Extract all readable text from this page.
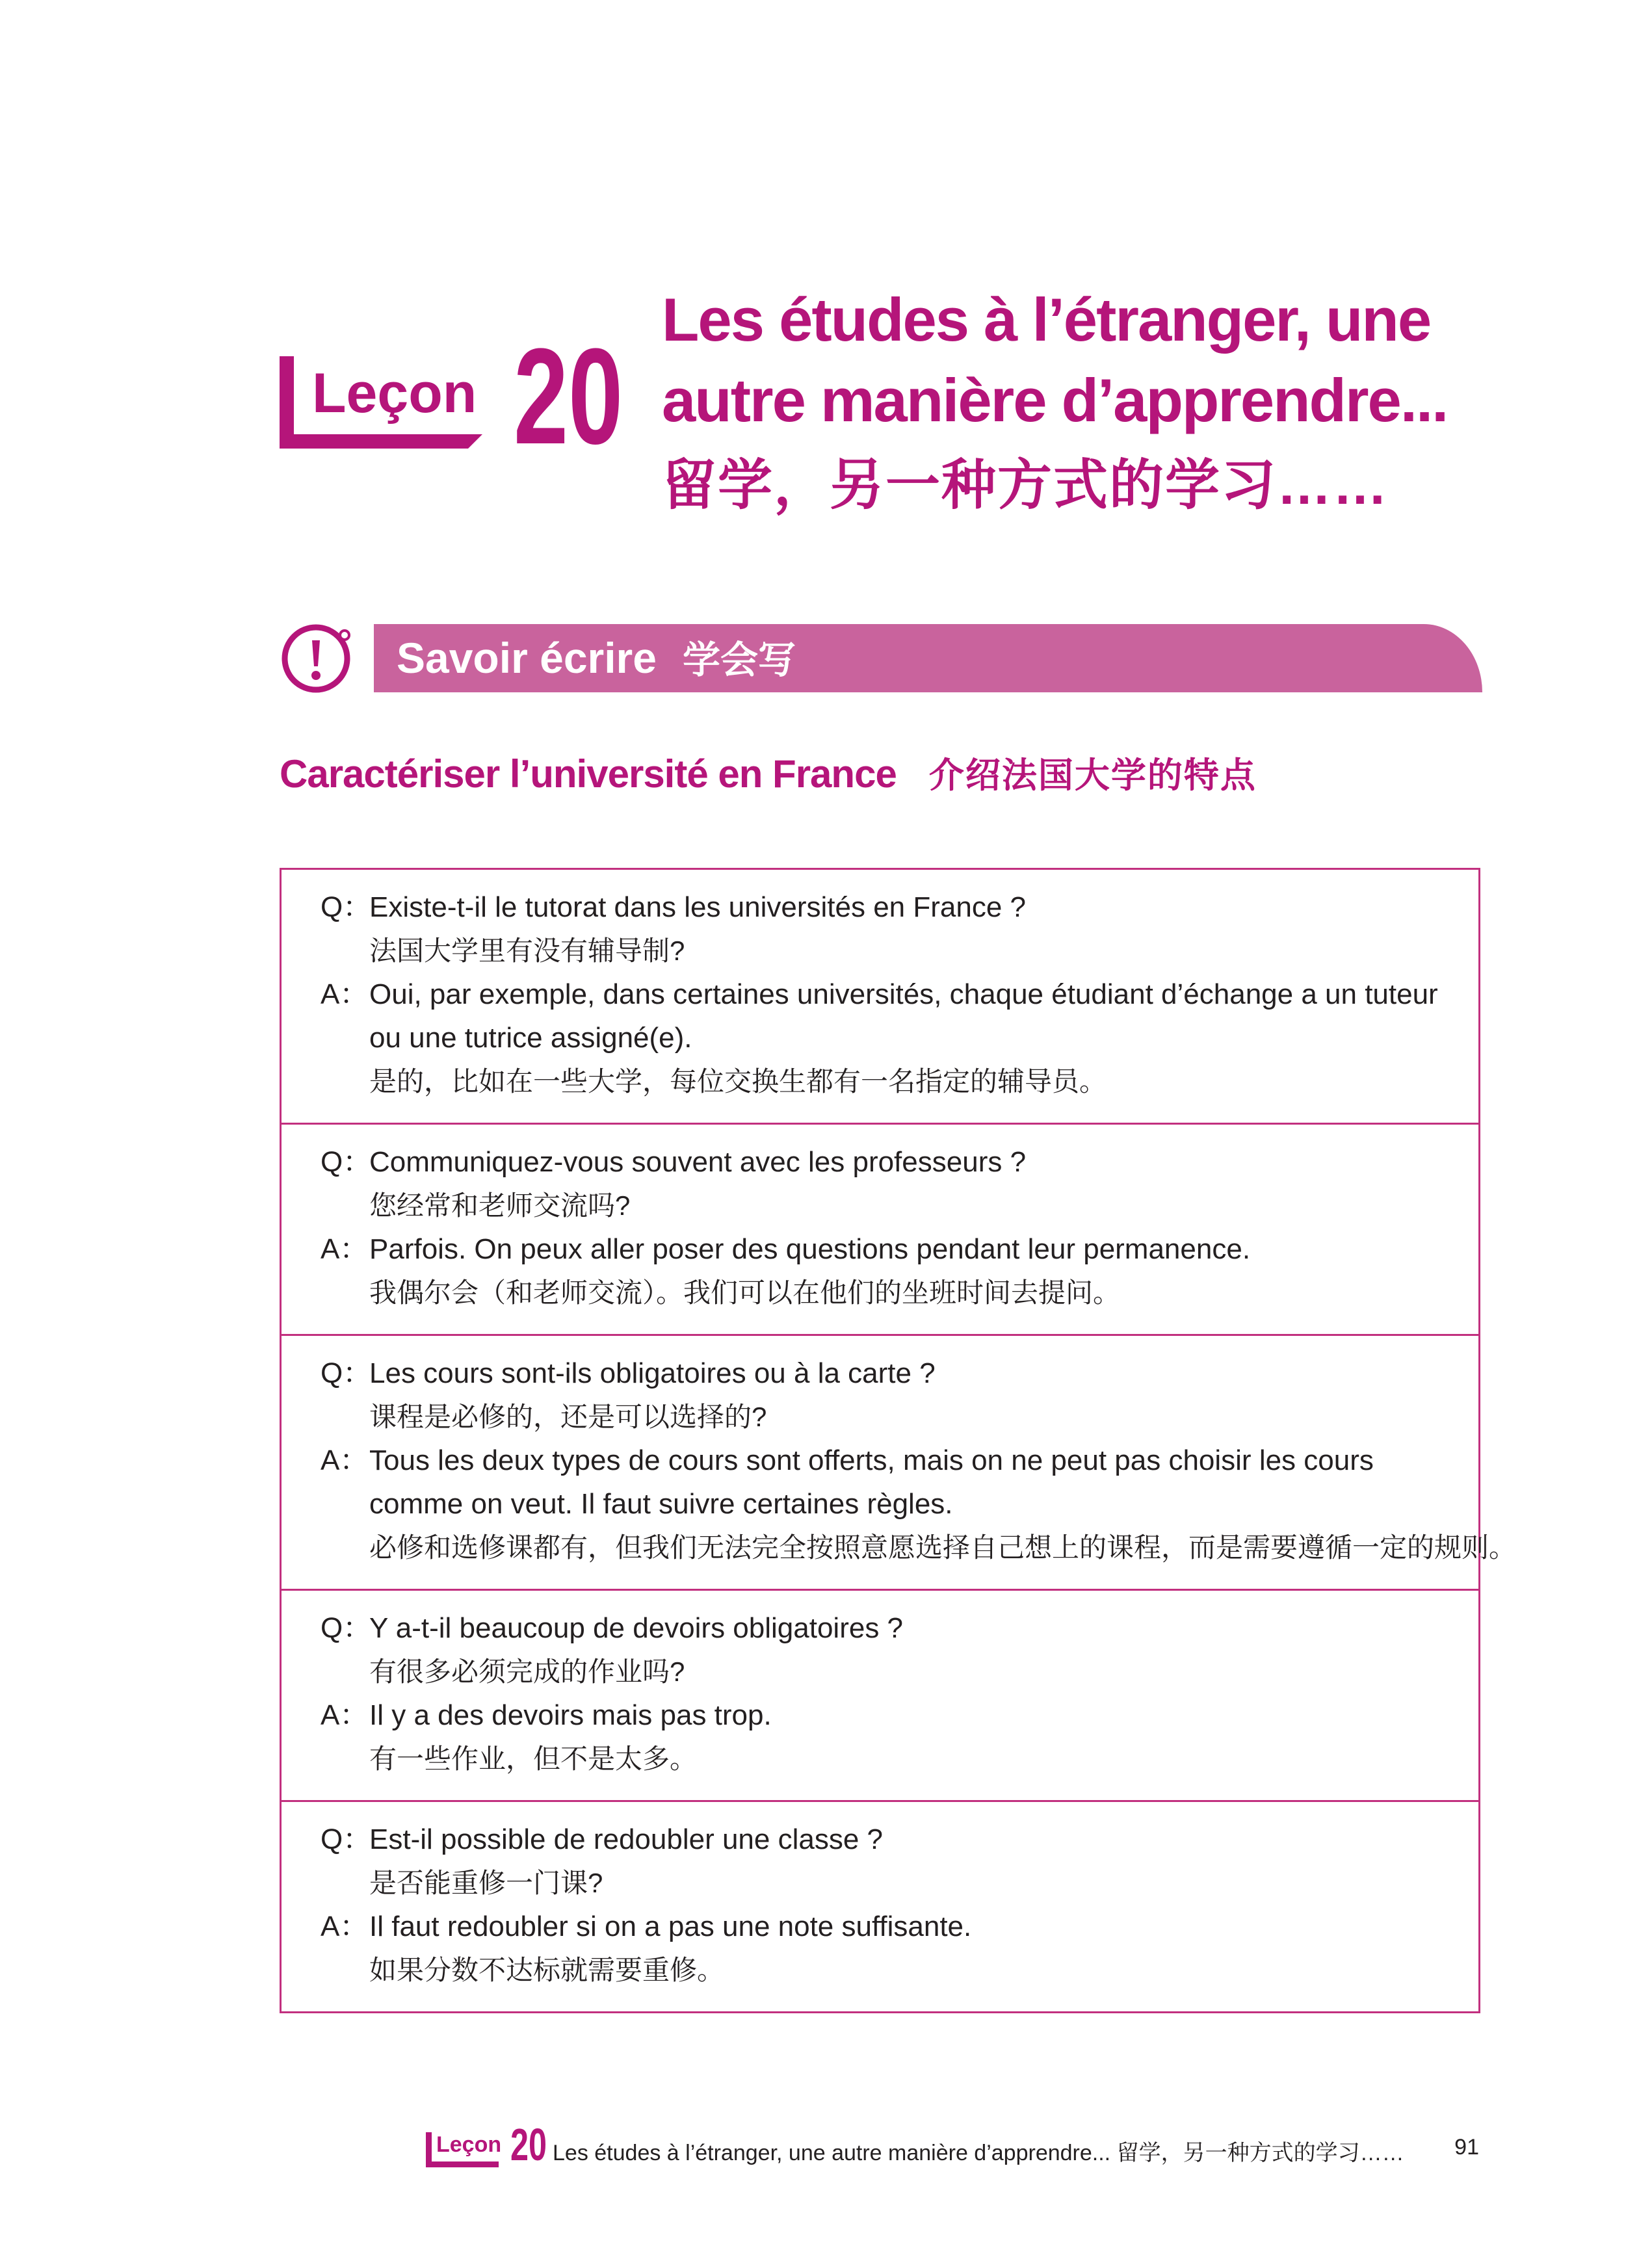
Leçon 20
Les études à l’étranger, une
autre manière d’apprendre...
留学，另一种方式的学习……
Savoir écrire 学会写
Caractériser l’université en France 介绍法国大学的特点
Q：Existe-t-il le tutorat dans les universités en France ?
法国大学里有没有辅导制?
A：Oui, par exemple, dans certaines universités, chaque étudiant d’échange a un tuteur
ou une tutrice assigné(e).
是的，比如在一些大学，每位交换生都有一名指定的辅导员。
Q：Communiquez-vous souvent avec les professeurs ?
您经常和老师交流吗?
A：Parfois. On peux aller poser des questions pendant leur permanence.
我偶尔会（和老师交流）。我们可以在他们的坐班时间去提问。
Q：Les cours sont-ils obligatoires ou à la carte ?
课程是必修的，还是可以选择的?
A：Tous les deux types de cours sont offerts, mais on ne peut pas choisir les cours
comme on veut. Il faut suivre certaines règles.
必修和选修课都有，但我们无法完全按照意愿选择自己想上的课程，而是需要遵循一定的规则。
Q：Y a-t-il beaucoup de devoirs obligatoires ?
有很多必须完成的作业吗?
A：Il y a des devoirs mais pas trop.
有一些作业，但不是太多。
Q：Est-il possible de redoubler une classe ?
是否能重修一门课?
A：Il faut redoubler si on a pas une note suffisante.
如果分数不达标就需要重修。
Leçon 20 Les études à l’étranger, une autre manière d’apprendre... 留学，另一种方式的学习…… 91
